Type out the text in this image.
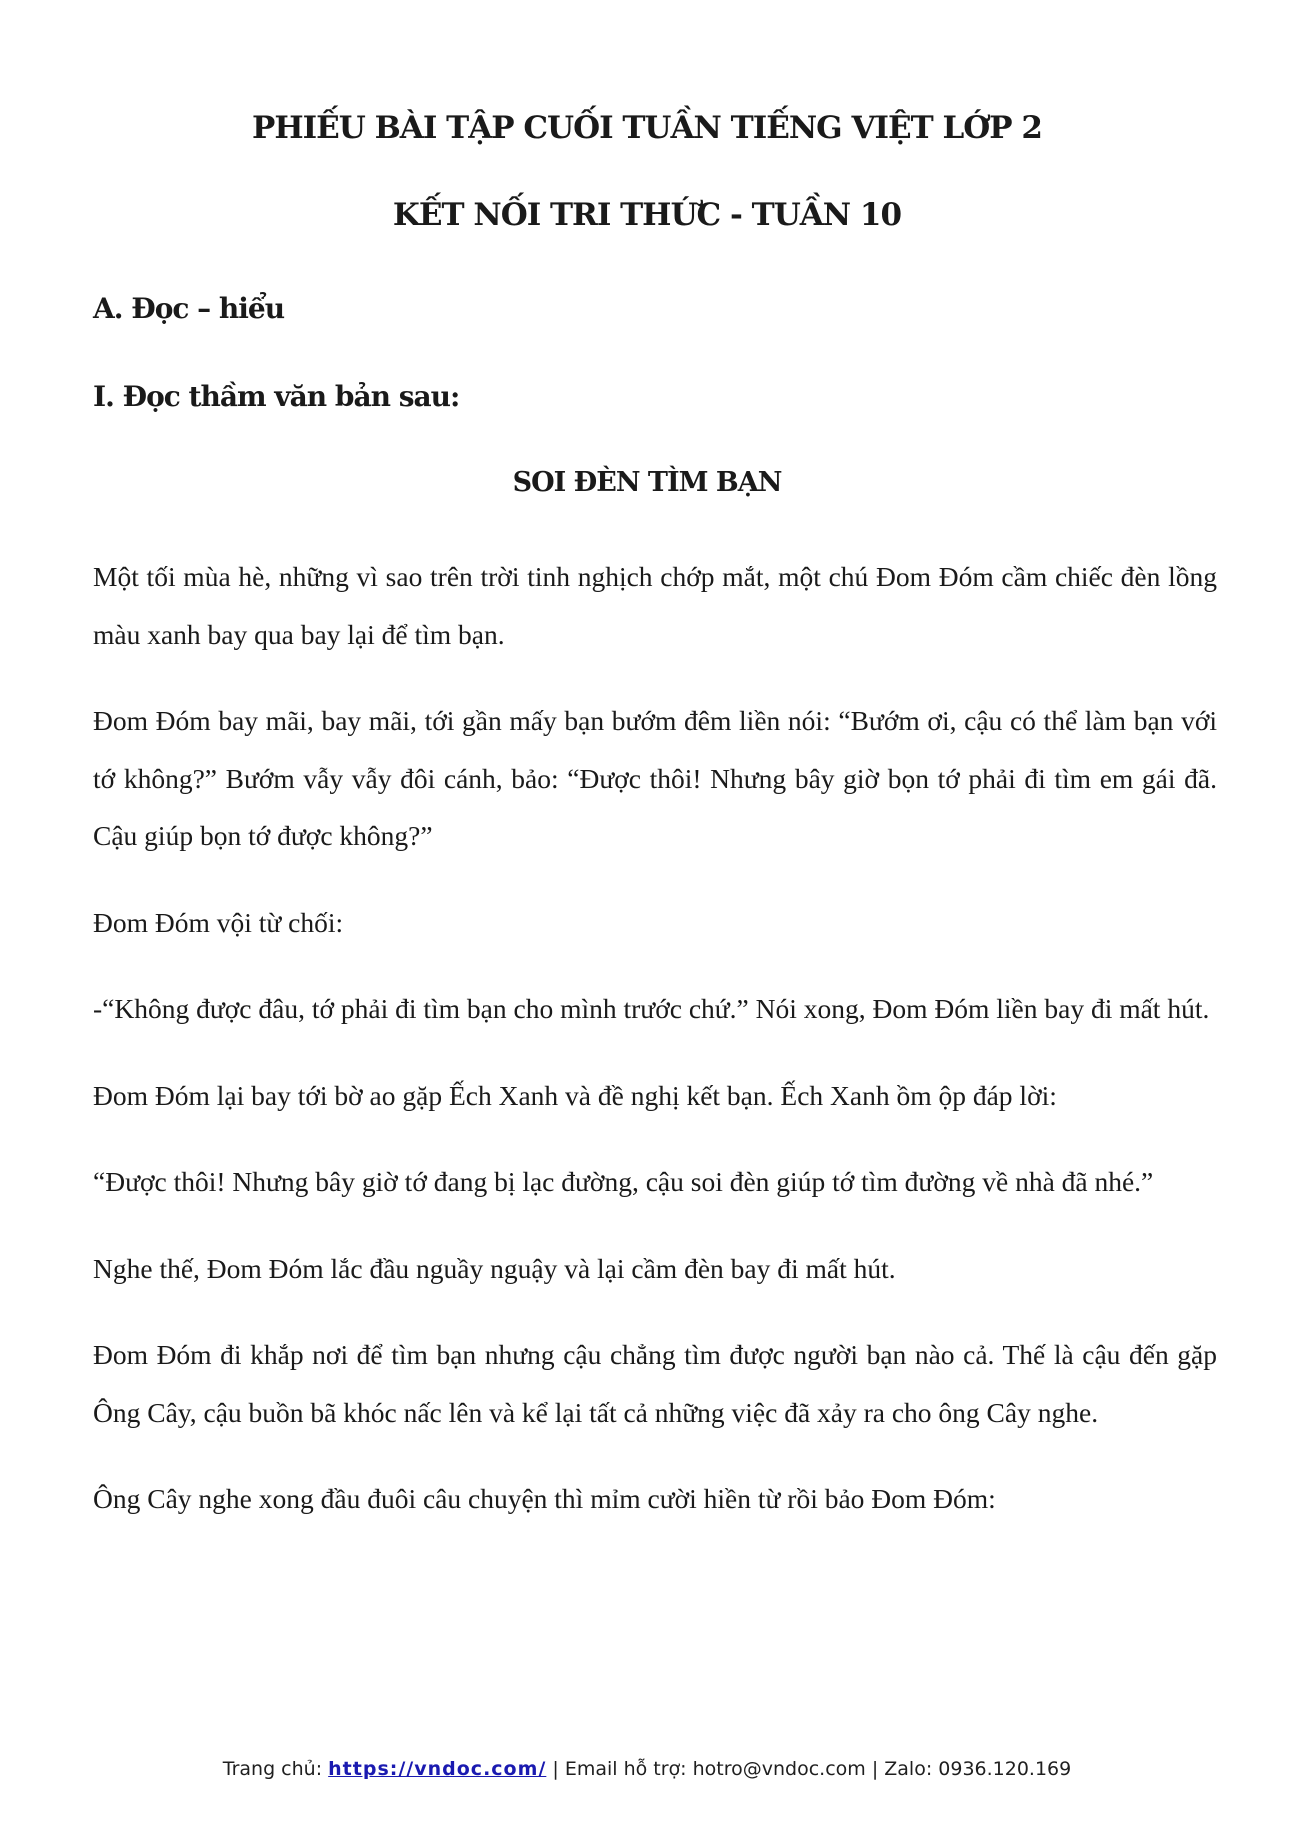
PHIẾU BÀI TẬP CUỐI TUẦN TIẾNG VIỆT LỚP 2
KẾT NỐI TRI THỨC - TUẦN 10
A. Đọc – hiểu
I. Đọc thầm văn bản sau:
SOI ĐÈN TÌM BẠN

Một tối mùa hè, những vì sao trên trời tinh nghịch chớp mắt, một chú Đom Đóm cầm chiếc đèn lồng màu xanh bay qua bay lại để tìm bạn.

Đom Đóm bay mãi, bay mãi, tới gần mấy bạn bướm đêm liền nói: “Bướm ơi, cậu có thể làm bạn với tớ không?” Bướm vẫy vẫy đôi cánh, bảo: “Được thôi! Nhưng bây giờ bọn tớ phải đi tìm em gái đã. Cậu giúp bọn tớ được không?”

Đom Đóm vội từ chối:

-“Không được đâu, tớ phải đi tìm bạn cho mình trước chứ.” Nói xong, Đom Đóm liền bay đi mất hút.

Đom Đóm lại bay tới bờ ao gặp Ếch Xanh và đề nghị kết bạn. Ếch Xanh ồm ộp đáp lời:

“Được thôi! Nhưng bây giờ tớ đang bị lạc đường, cậu soi đèn giúp tớ tìm đường về nhà đã nhé.”

Nghe thế, Đom Đóm lắc đầu nguầy nguậy và lại cầm đèn bay đi mất hút.

Đom Đóm đi khắp nơi để tìm bạn nhưng cậu chẳng tìm được người bạn nào cả. Thế là cậu đến gặp Ông Cây, cậu buồn bã khóc nấc lên và kể lại tất cả những việc đã xảy ra cho ông Cây nghe.

Ông Cây nghe xong đầu đuôi câu chuyện thì mỉm cười hiền từ rồi bảo Đom Đóm:

Trang chủ: https://vndoc.com/ | Email hỗ trợ: hotro@vndoc.com | Zalo: 0936.120.169
